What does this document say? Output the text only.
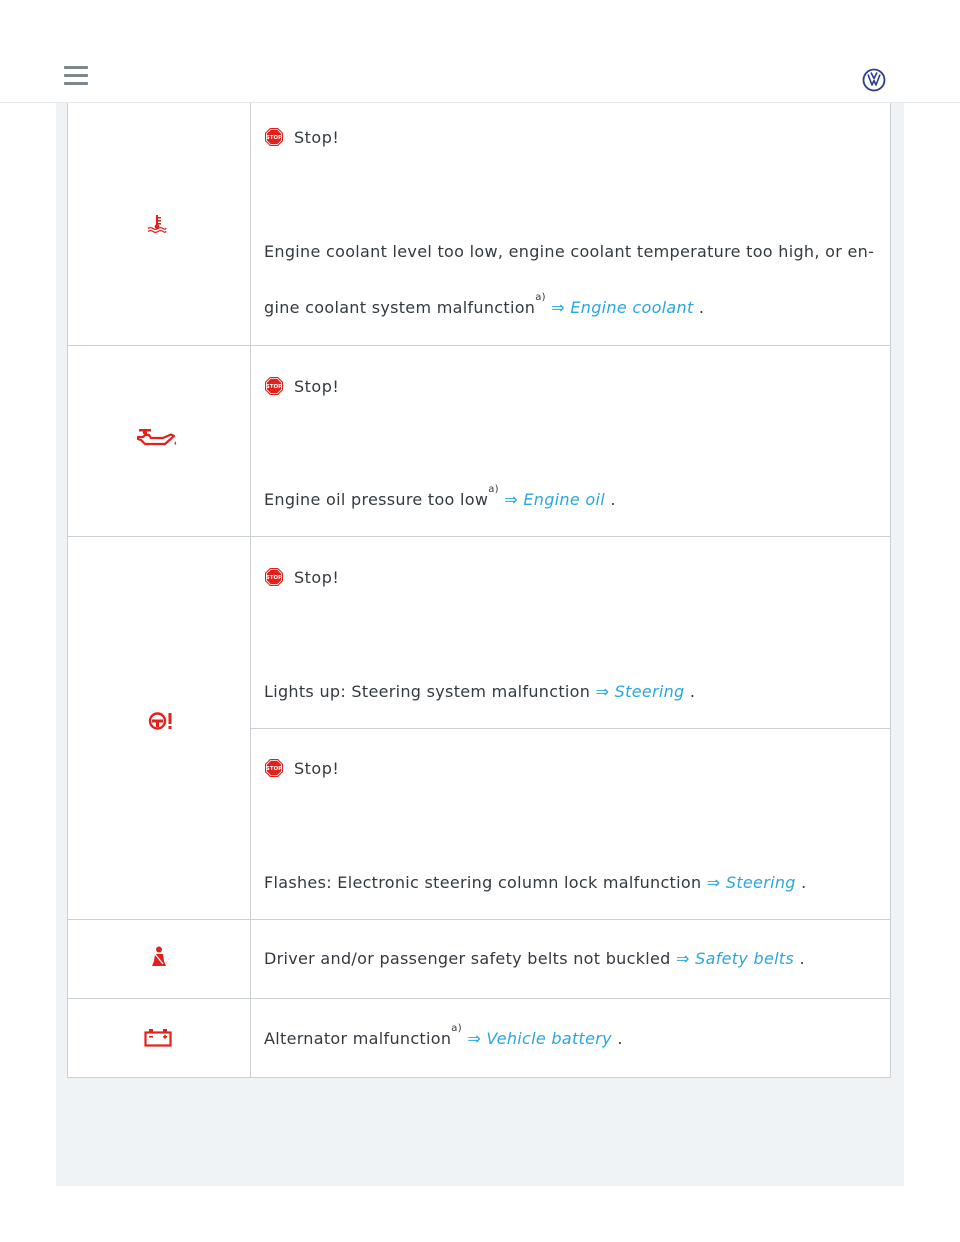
STOP Stop!
Engine coolant level too low, engine coolant temperature too high, or en-
gine coolant system malfunction$^{a)}$ ⇒ Engine coolant .
STOP Stop!
Engine oil pressure too low$^{a)}$ ⇒ Engine oil .
STOP Stop!
Lights up: Steering system malfunction ⇒ Steering .
STOP Stop!
Flashes: Electronic steering column lock malfunction ⇒ Steering .
Driver and/or passenger safety belts not buckled ⇒ Safety belts .
Alternator malfunction$^{a)}$ ⇒ Vehicle battery .
